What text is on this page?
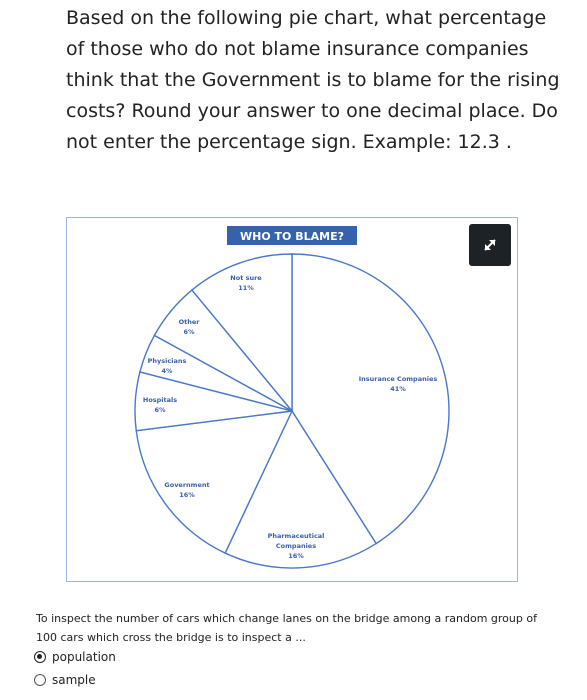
Based on the following pie chart, what percentage of those who do not blame insurance companies think that the Government is to blame for the rising costs? Round your answer to one decimal place. Do not enter the percentage sign. Example: 12.3 .
Insurance Companies 41%
Pharmaceutical Companies 16%
Government 16%
Hospitals 6%
Physicians 4%
Other 6%
Not sure 11%
WHO TO BLAME?
To inspect the number of cars which change lanes on the bridge among a random group of 100 cars which cross the bridge is to inspect a ...
population
sample
